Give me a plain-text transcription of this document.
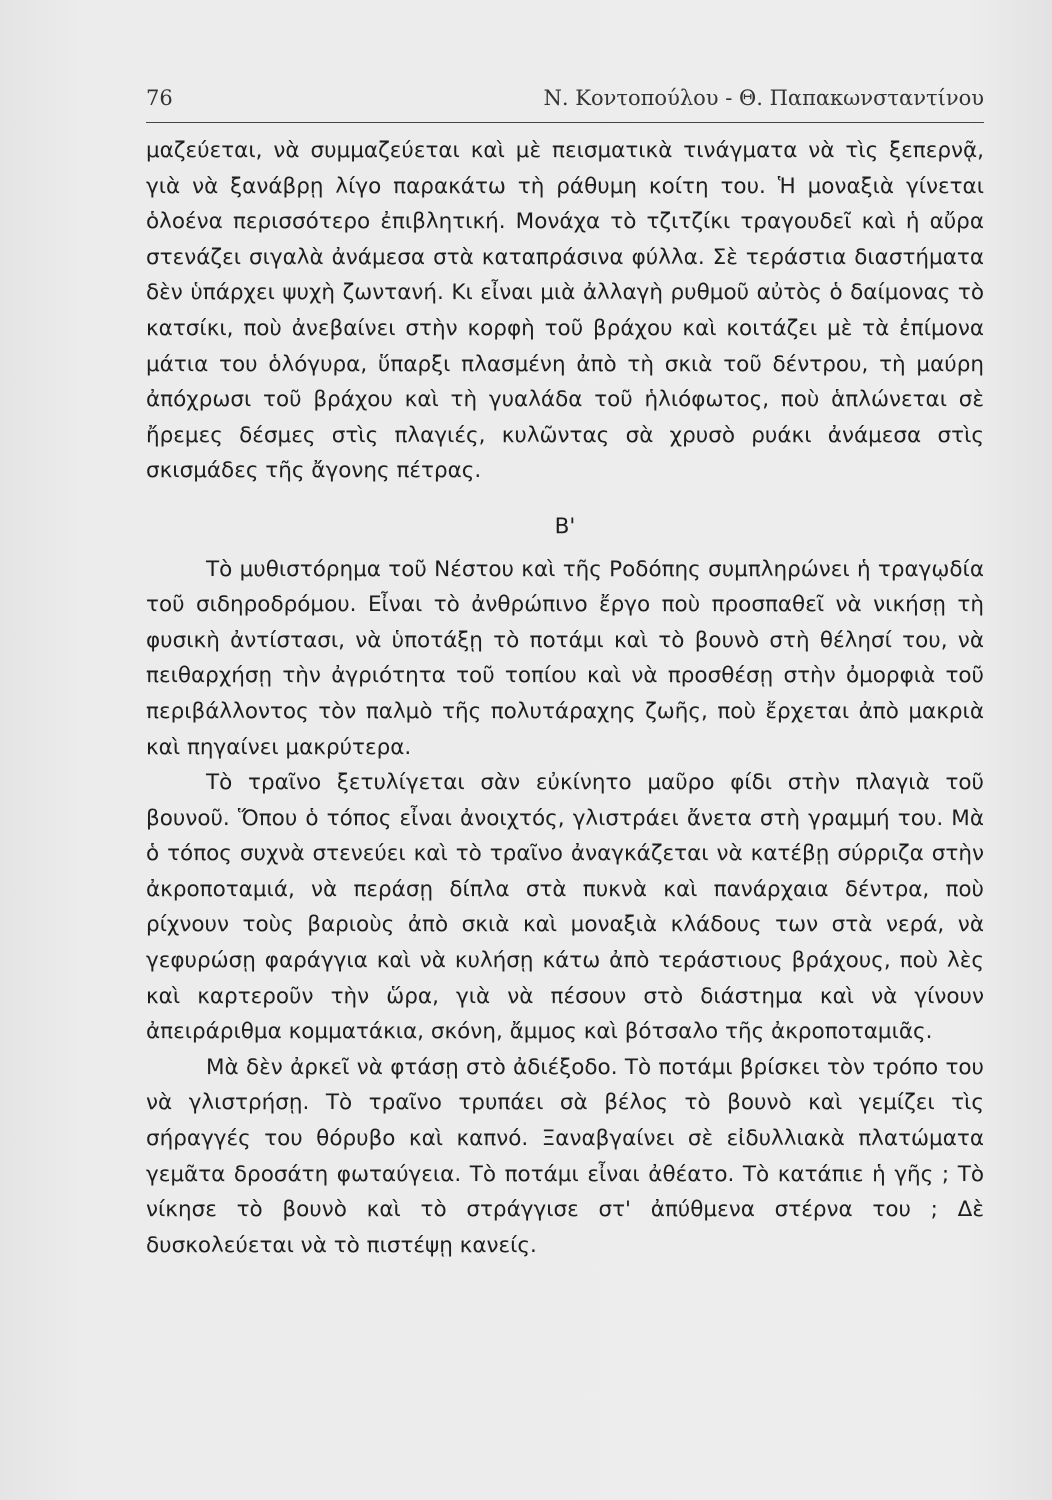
76	Ν. Κοντοπούλου - Θ. Παπακωνσταντίνου

μαζεύεται, νὰ συμμαζεύεται καὶ μὲ πεισματικὰ τινάγματα νὰ τὶς ξεπερνᾷ, γιὰ νὰ ξανάβρῃ λίγο παρακάτω τὴ ράθυμη κοίτη του. Ἡ μοναξιὰ γίνεται ὁλοένα περισσότερο ἐπιβλητική. Μονάχα τὸ τζιτζίκι τραγουδεῖ καὶ ἡ αὔρα στενάζει σιγαλὰ ἀνάμεσα στὰ καταπράσινα φύλλα. Σὲ τεράστια διαστήματα δὲν ὑπάρχει ψυχὴ ζωντανή. Κι εἶναι μιὰ ἀλλαγὴ ρυθμοῦ αὐτὸς ὁ δαίμονας τὸ κατσίκι, ποὺ ἀνεβαίνει στὴν κορφὴ τοῦ βράχου καὶ κοιτάζει μὲ τὰ ἐπίμονα μάτια του ὁλόγυρα, ὕπαρξι πλασμένη ἀπὸ τὴ σκιὰ τοῦ δέντρου, τὴ μαύρη ἀπόχρωσι τοῦ βράχου καὶ τὴ γυαλάδα τοῦ ἡλιόφωτος, ποὺ ἁπλώνεται σὲ ἤρεμες δέσμες στὶς πλαγιές, κυλῶντας σὰ χρυσὸ ρυάκι ἀνάμεσα στὶς σκισμάδες τῆς ἄγονης πέτρας.

Β'

Τὸ μυθιστόρημα τοῦ Νέστου καὶ τῆς Ροδόπης συμπληρώνει ἡ τραγῳδία τοῦ σιδηροδρόμου. Εἶναι τὸ ἀνθρώπινο ἔργο ποὺ προσπαθεῖ νὰ νικήσῃ τὴ φυσικὴ ἀντίστασι, νὰ ὑποτάξῃ τὸ ποτάμι καὶ τὸ βουνὸ στὴ θέλησί του, νὰ πειθαρχήσῃ τὴν ἀγριότητα τοῦ τοπίου καὶ νὰ προσθέσῃ στὴν ὀμορφιὰ τοῦ περιβάλλοντος τὸν παλμὸ τῆς πολυτάραχης ζωῆς, ποὺ ἔρχεται ἀπὸ μακριὰ καὶ πηγαίνει μακρύτερα.

Τὸ τραῖνο ξετυλίγεται σὰν εὐκίνητο μαῦρο φίδι στὴν πλαγιὰ τοῦ βουνοῦ. Ὅπου ὁ τόπος εἶναι ἀνοιχτός, γλιστράει ἄνετα στὴ γραμμή του. Μὰ ὁ τόπος συχνὰ στενεύει καὶ τὸ τραῖνο ἀναγκάζεται νὰ κατέβῃ σύρριζα στὴν ἀκροποταμιά, νὰ περάσῃ δίπλα στὰ πυκνὰ καὶ πανάρχαια δέντρα, ποὺ ρίχνουν τοὺς βαριοὺς ἀπὸ σκιὰ καὶ μοναξιὰ κλάδους των στὰ νερά, νὰ γεφυρώσῃ φαράγγια καὶ νὰ κυλήσῃ κάτω ἀπὸ τεράστιους βράχους, ποὺ λὲς καὶ καρτεροῦν τὴν ὥρα, γιὰ νὰ πέσουν στὸ διάστημα καὶ νὰ γίνουν ἀπειράριθμα κομματάκια, σκόνη, ἄμμος καὶ βότσαλο τῆς ἀκροποταμιᾶς.

Μὰ δὲν ἀρκεῖ νὰ φτάσῃ στὸ ἀδιέξοδο. Τὸ ποτάμι βρίσκει τὸν τρόπο του νὰ γλιστρήσῃ. Τὸ τραῖνο τρυπάει σὰ βέλος τὸ βουνὸ καὶ γεμίζει τὶς σήραγγές του θόρυβο καὶ καπνό. Ξαναβγαίνει σὲ εἰδυλλιακὰ πλατώματα γεμᾶτα δροσάτη φωταύγεια. Τὸ ποτάμι εἶναι ἀθέατο. Τὸ κατάπιε ἡ γῆς ; Τὸ νίκησε τὸ βουνὸ καὶ τὸ στράγγισε στ' ἀπύθμενα στέρνα του ; Δὲ δυσκολεύεται νὰ τὸ πιστέψῃ κανείς.
